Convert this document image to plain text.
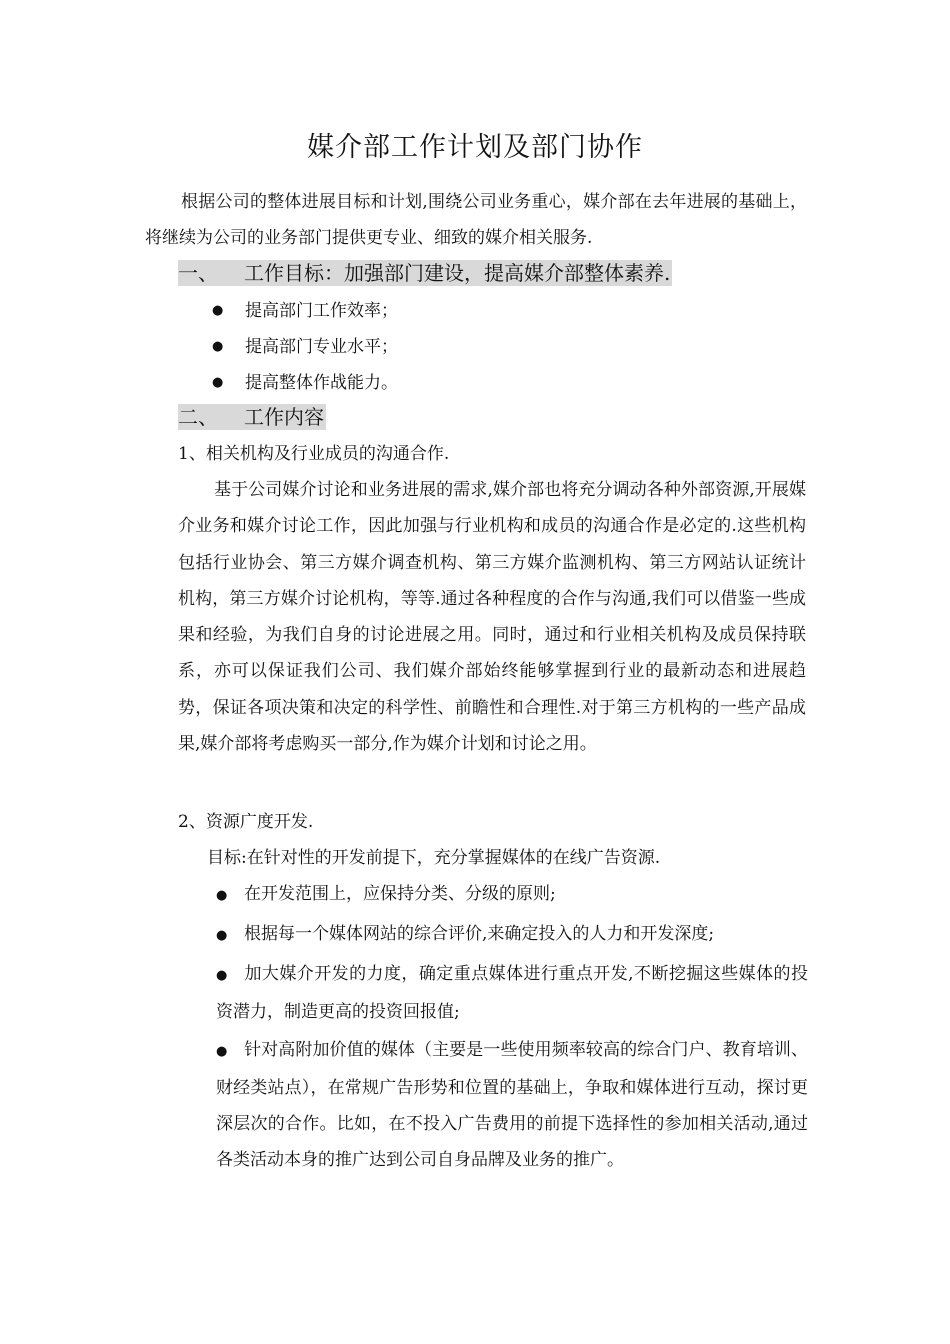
媒介部工作计划及部门协作
根据公司的整体进展目标和计划,围绕公司业务重心，媒介部在去年进展的基础上，将继续为公司的业务部门提供更专业、细致的媒介相关服务.
一、 工作目标：加强部门建设，提高媒介部整体素养.
● 提高部门工作效率；
● 提高部门专业水平；
● 提高整体作战能力。
二、 工作内容
1、相关机构及行业成员的沟通合作.
基于公司媒介讨论和业务进展的需求,媒介部也将充分调动各种外部资源,开展媒介业务和媒介讨论工作，因此加强与行业机构和成员的沟通合作是必定的.这些机构包括行业协会、第三方媒介调查机构、第三方媒介监测机构、第三方网站认证统计机构，第三方媒介讨论机构，等等.通过各种程度的合作与沟通,我们可以借鉴一些成果和经验，为我们自身的讨论进展之用。同时，通过和行业相关机构及成员保持联系，亦可以保证我们公司、我们媒介部始终能够掌握到行业的最新动态和进展趋势，保证各项决策和决定的科学性、前瞻性和合理性.对于第三方机构的一些产品成果,媒介部将考虑购买一部分,作为媒介计划和讨论之用。
2、资源广度开发.
目标:在针对性的开发前提下，充分掌握媒体的在线广告资源.
● 在开发范围上，应保持分类、分级的原则;
● 根据每一个媒体网站的综合评价,来确定投入的人力和开发深度;
● 加大媒介开发的力度，确定重点媒体进行重点开发,不断挖掘这些媒体的投资潜力，制造更高的投资回报值;
● 针对高附加价值的媒体（主要是一些使用频率较高的综合门户、教育培训、财经类站点），在常规广告形势和位置的基础上，争取和媒体进行互动，探讨更深层次的合作。比如，在不投入广告费用的前提下选择性的参加相关活动,通过各类活动本身的推广达到公司自身品牌及业务的推广。
